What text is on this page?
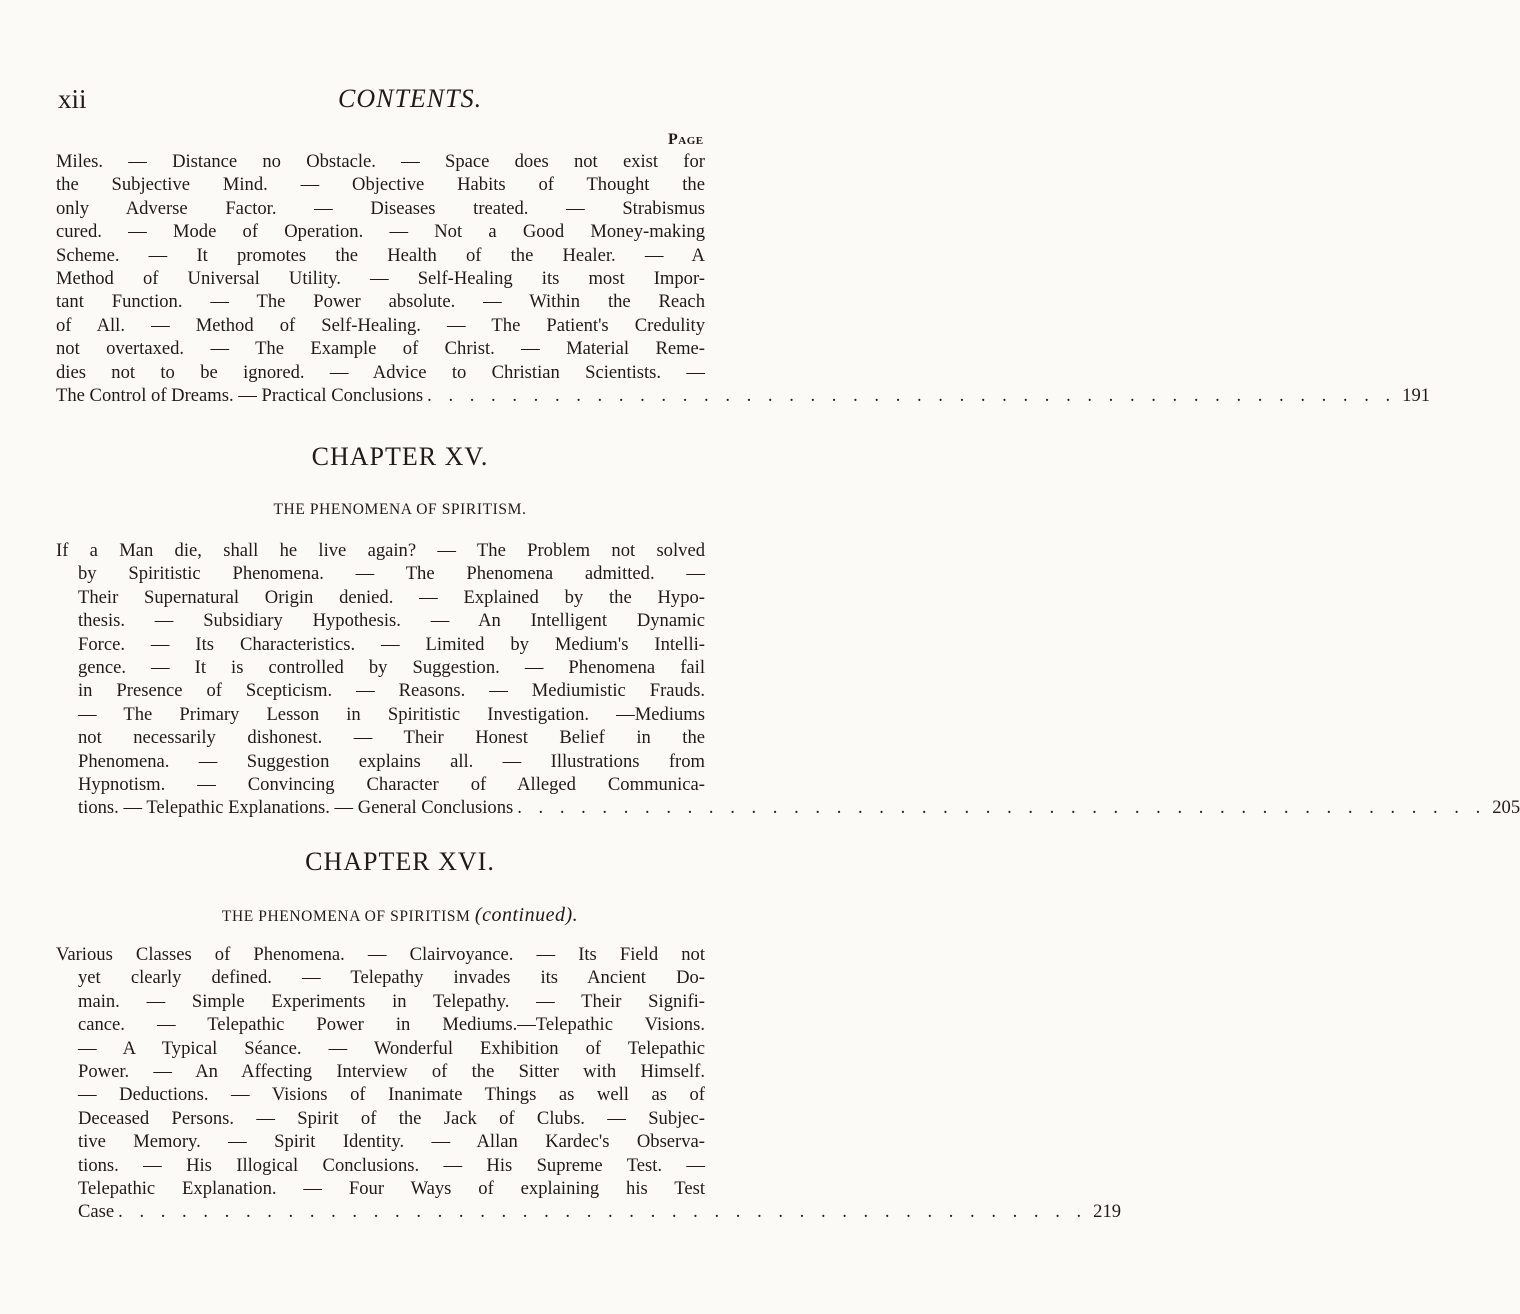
xii	CONTENTS.
Page
Miles. — Distance no Obstacle. — Space does not exist for
the Subjective Mind. — Objective Habits of Thought the
only Adverse Factor. — Diseases treated. — Strabismus
cured. — Mode of Operation. — Not a Good Money-making
Scheme. — It promotes the Health of the Healer. — A
Method of Universal Utility. — Self-Healing its most Impor-
tant Function. — The Power absolute. — Within the Reach
of All. — Method of Self-Healing. — The Patient's Credulity
not overtaxed. — The Example of Christ. — Material Reme-
dies not to be ignored. — Advice to Christian Scientists. —
The Control of Dreams. — Practical Conclusions . . . . . . . . . . . . . . . . . . . . . . . . . . . . . . . . . . . . . . . . . . . . . . 191
CHAPTER XV.
THE PHENOMENA OF SPIRITISM.
If a Man die, shall he live again? — The Problem not solved
by Spiritistic Phenomena. — The Phenomena admitted. —
Their Supernatural Origin denied. — Explained by the Hypo-
thesis. — Subsidiary Hypothesis. — An Intelligent Dynamic
Force. — Its Characteristics. — Limited by Medium's Intelli-
gence. — It is controlled by Suggestion. — Phenomena fail
in Presence of Scepticism. — Reasons. — Mediumistic Frauds.
— The Primary Lesson in Spiritistic Investigation. —Mediums
not necessarily dishonest. — Their Honest Belief in the
Phenomena. — Suggestion explains all. — Illustrations from
Hypnotism. — Convincing Character of Alleged Communica-
tions. — Telepathic Explanations. — General Conclusions . . . . . . . . . . . . . . . . . . . . . . . . . . . . . . . . . . . . . . . . . . . . . . 205
CHAPTER XVI.
THE PHENOMENA OF SPIRITISM (continued).
Various Classes of Phenomena. — Clairvoyance. — Its Field not
yet clearly defined. — Telepathy invades its Ancient Do-
main. — Simple Experiments in Telepathy. — Their Signifi-
cance. — Telepathic Power in Mediums.—Telepathic Visions.
— A Typical Séance. — Wonderful Exhibition of Telepathic
Power. — An Affecting Interview of the Sitter with Himself.
— Deductions. — Visions of Inanimate Things as well as of
Deceased Persons. — Spirit of the Jack of Clubs. — Subjec-
tive Memory. — Spirit Identity. — Allan Kardec's Observa-
tions. — His Illogical Conclusions. — His Supreme Test. —
Telepathic Explanation. — Four Ways of explaining his Test
Case . . . . . . . . . . . . . . . . . . . . . . . . . . . . . . . . . . . . . . . . . . . . . . 219
